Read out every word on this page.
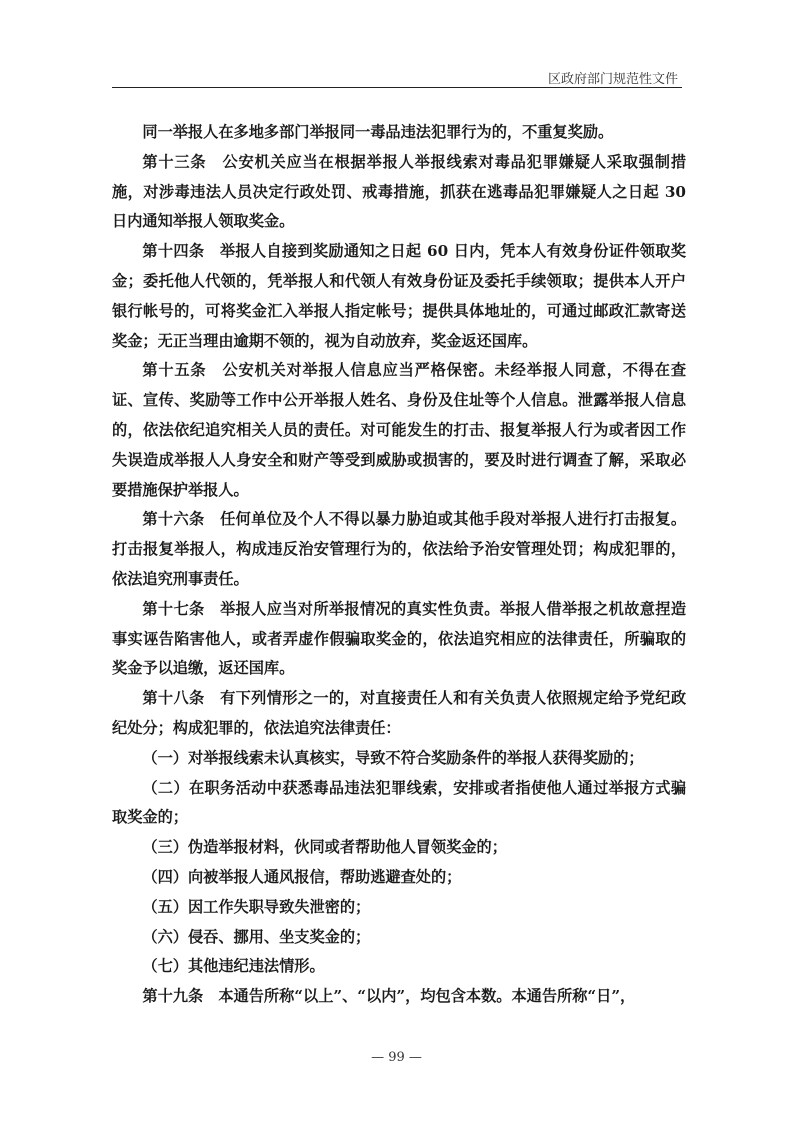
区政府部门规范性文件

同一举报人在多地多部门举报同一毒品违法犯罪行为的，不重复奖励。

第十三条　公安机关应当在根据举报人举报线索对毒品犯罪嫌疑人采取强制措施，对涉毒违法人员决定行政处罚、戒毒措施，抓获在逃毒品犯罪嫌疑人之日起 30 日内通知举报人领取奖金。

第十四条　举报人自接到奖励通知之日起 60 日内，凭本人有效身份证件领取奖金；委托他人代领的，凭举报人和代领人有效身份证及委托手续领取；提供本人开户银行帐号的，可将奖金汇入举报人指定帐号；提供具体地址的，可通过邮政汇款寄送奖金；无正当理由逾期不领的，视为自动放弃，奖金返还国库。

第十五条　公安机关对举报人信息应当严格保密。未经举报人同意，不得在查证、宣传、奖励等工作中公开举报人姓名、身份及住址等个人信息。泄露举报人信息的，依法依纪追究相关人员的责任。对可能发生的打击、报复举报人行为或者因工作失误造成举报人人身安全和财产等受到威胁或损害的，要及时进行调查了解，采取必要措施保护举报人。

第十六条　任何单位及个人不得以暴力胁迫或其他手段对举报人进行打击报复。打击报复举报人，构成违反治安管理行为的，依法给予治安管理处罚；构成犯罪的，依法追究刑事责任。

第十七条　举报人应当对所举报情况的真实性负责。举报人借举报之机故意捏造事实诬告陷害他人，或者弄虚作假骗取奖金的，依法追究相应的法律责任，所骗取的奖金予以追缴，返还国库。

第十八条　有下列情形之一的，对直接责任人和有关负责人依照规定给予党纪政纪处分；构成犯罪的，依法追究法律责任：

（一）对举报线索未认真核实，导致不符合奖励条件的举报人获得奖励的；

（二）在职务活动中获悉毒品违法犯罪线索，安排或者指使他人通过举报方式骗取奖金的；

（三）伪造举报材料，伙同或者帮助他人冒领奖金的；

（四）向被举报人通风报信，帮助逃避查处的；

（五）因工作失职导致失泄密的；

（六）侵吞、挪用、坐支奖金的；

（七）其他违纪违法情形。

第十九条　本通告所称“以上”、“以内”，均包含本数。本通告所称“日”，

— 99 —
